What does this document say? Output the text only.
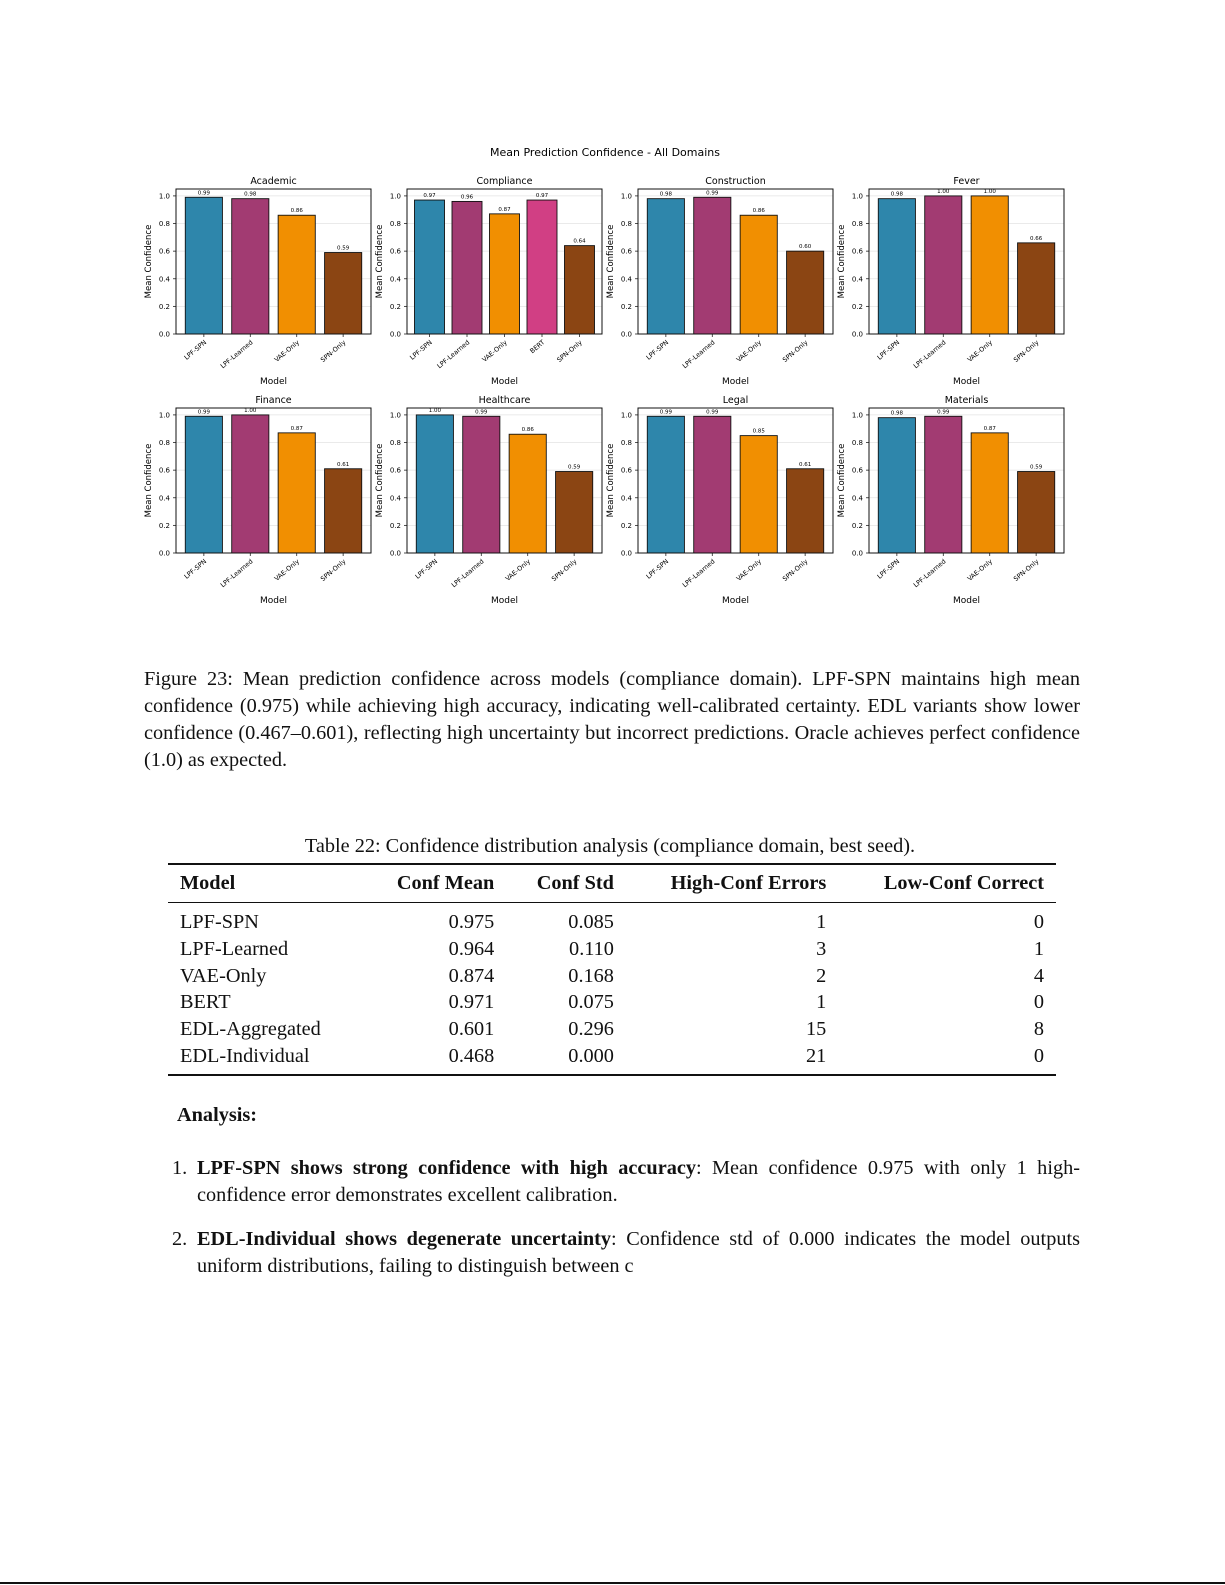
Mean Prediction Confidence - All Domains
0.0
0.2
0.4
0.6
0.8
1.0	0.99
LPF-SPN
0.98
LPF-Learned
0.86
VAE-Only
0.59
SPN-Only
Academic
Model
Mean Confidence
0.0
0.2
0.4
0.6
0.8
1.0	0.97
LPF-SPN
0.96
LPF-Learned
0.87
VAE-Only
0.97
BERT
0.64
SPN-Only
Compliance
Model
Mean Confidence
0.0
0.2
0.4
0.6
0.8
1.0	0.98
LPF-SPN
0.99
LPF-Learned
0.86
VAE-Only
0.60
SPN-Only
Construction
Model
Mean Confidence
0.0
0.2
0.4
0.6
0.8
1.0	0.98
LPF-SPN
1.00
LPF-Learned
1.00
VAE-Only
0.66
SPN-Only
Fever
Model
Mean Confidence
0.0
0.2
0.4
0.6
0.8
1.0	0.99
LPF-SPN
1.00
LPF-Learned
0.87
VAE-Only
0.61
SPN-Only
Finance
Model
Mean Confidence
0.0
0.2
0.4
0.6
0.8
1.0
1.00
LPF-SPN
0.99
LPF-Learned
0.86
VAE-Only
0.59
SPN-Only
Healthcare
Model
Mean Confidence
0.0
0.2
0.4
0.6
0.8
1.0	0.99
LPF-SPN
0.99
LPF-Learned
0.85
VAE-Only
0.61
SPN-Only
Legal
Model
Mean Confidence
0.0
0.2
0.4
0.6
0.8
1.0	0.98
LPF-SPN
0.99
LPF-Learned
0.87
VAE-Only
0.59
SPN-Only
Materials
Model
Mean Confidence
Figure 23: Mean prediction confidence across models (compliance domain). LPF-SPN maintains high mean confidence (0.975) while achieving high accuracy, indicating well-calibrated certainty. EDL variants show lower confidence (0.467–0.601), reflecting high uncertainty but incorrect predictions. Oracle achieves perfect confidence (1.0) as expected.
Table 22: Confidence distribution analysis (compliance domain, best seed).
Model	Conf Mean	Conf Std	High-Conf Errors	Low-Conf Correct
LPF-SPN	0.975	0.085	1	0
LPF-Learned	0.964	0.110	3	1
VAE-Only	0.874	0.168	2	4
BERT	0.971	0.075	1	0
EDL-Aggregated	0.601	0.296	15	8
EDL-Individual	0.468	0.000	21	0
Analysis:
1. LPF-SPN shows strong confidence with high accuracy: Mean confidence 0.975 with only 1 high-confidence error demonstrates excellent calibration.
2. EDL-Individual shows degenerate uncertainty: Confidence std of 0.000 indicates the model outputs uniform distributions, failing to distinguish between c
